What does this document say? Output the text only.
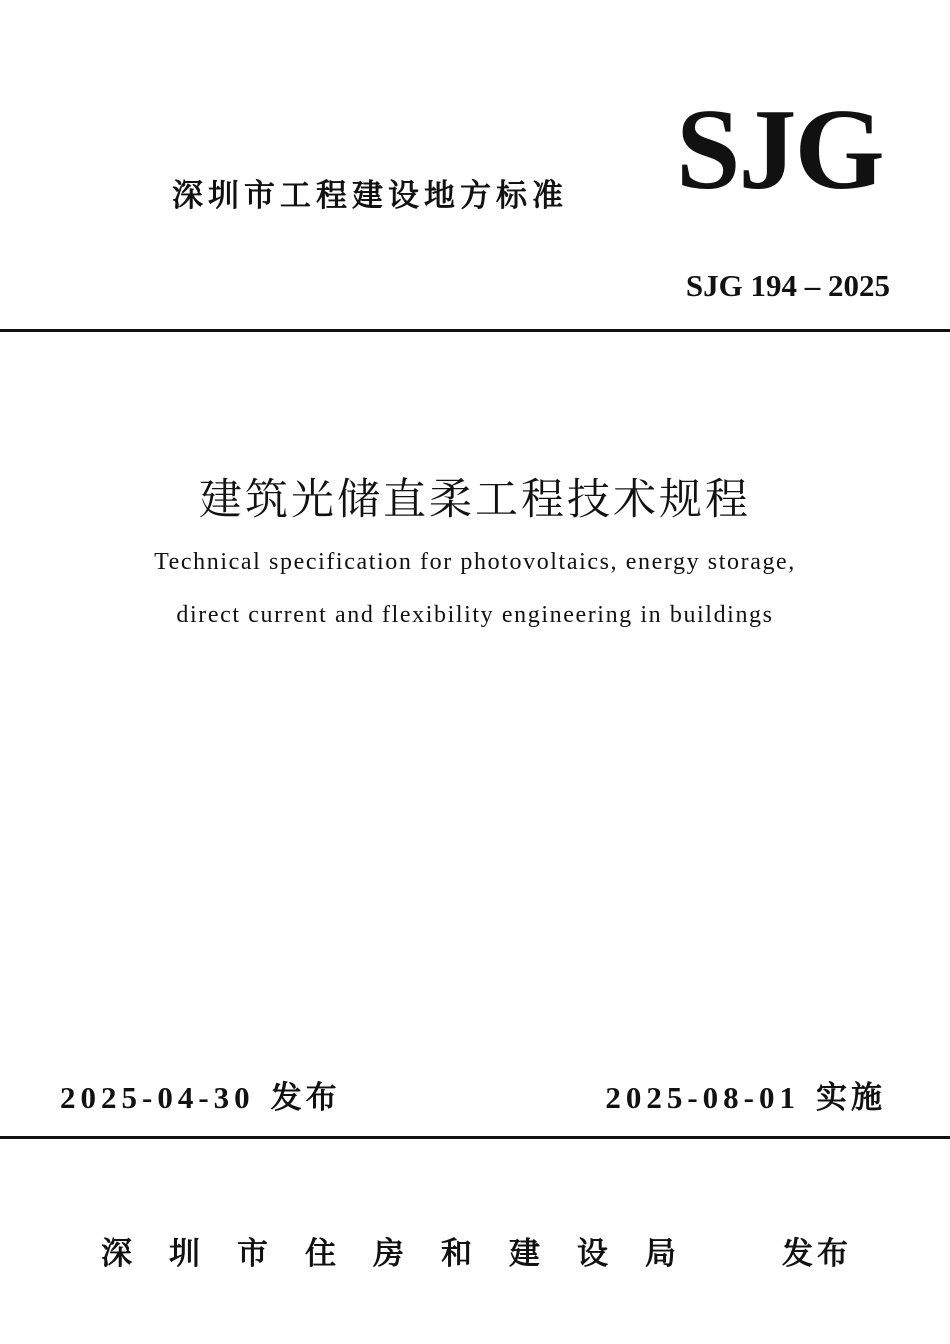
深圳市工程建设地方标准 SJG
SJG 194 – 2025
建筑光储直柔工程技术规程
Technical specification for photovoltaics, energy storage,
direct current and flexibility engineering in buildings
2025-04-30 发布	2025-08-01 实施
深圳市住房和建设局 发布
